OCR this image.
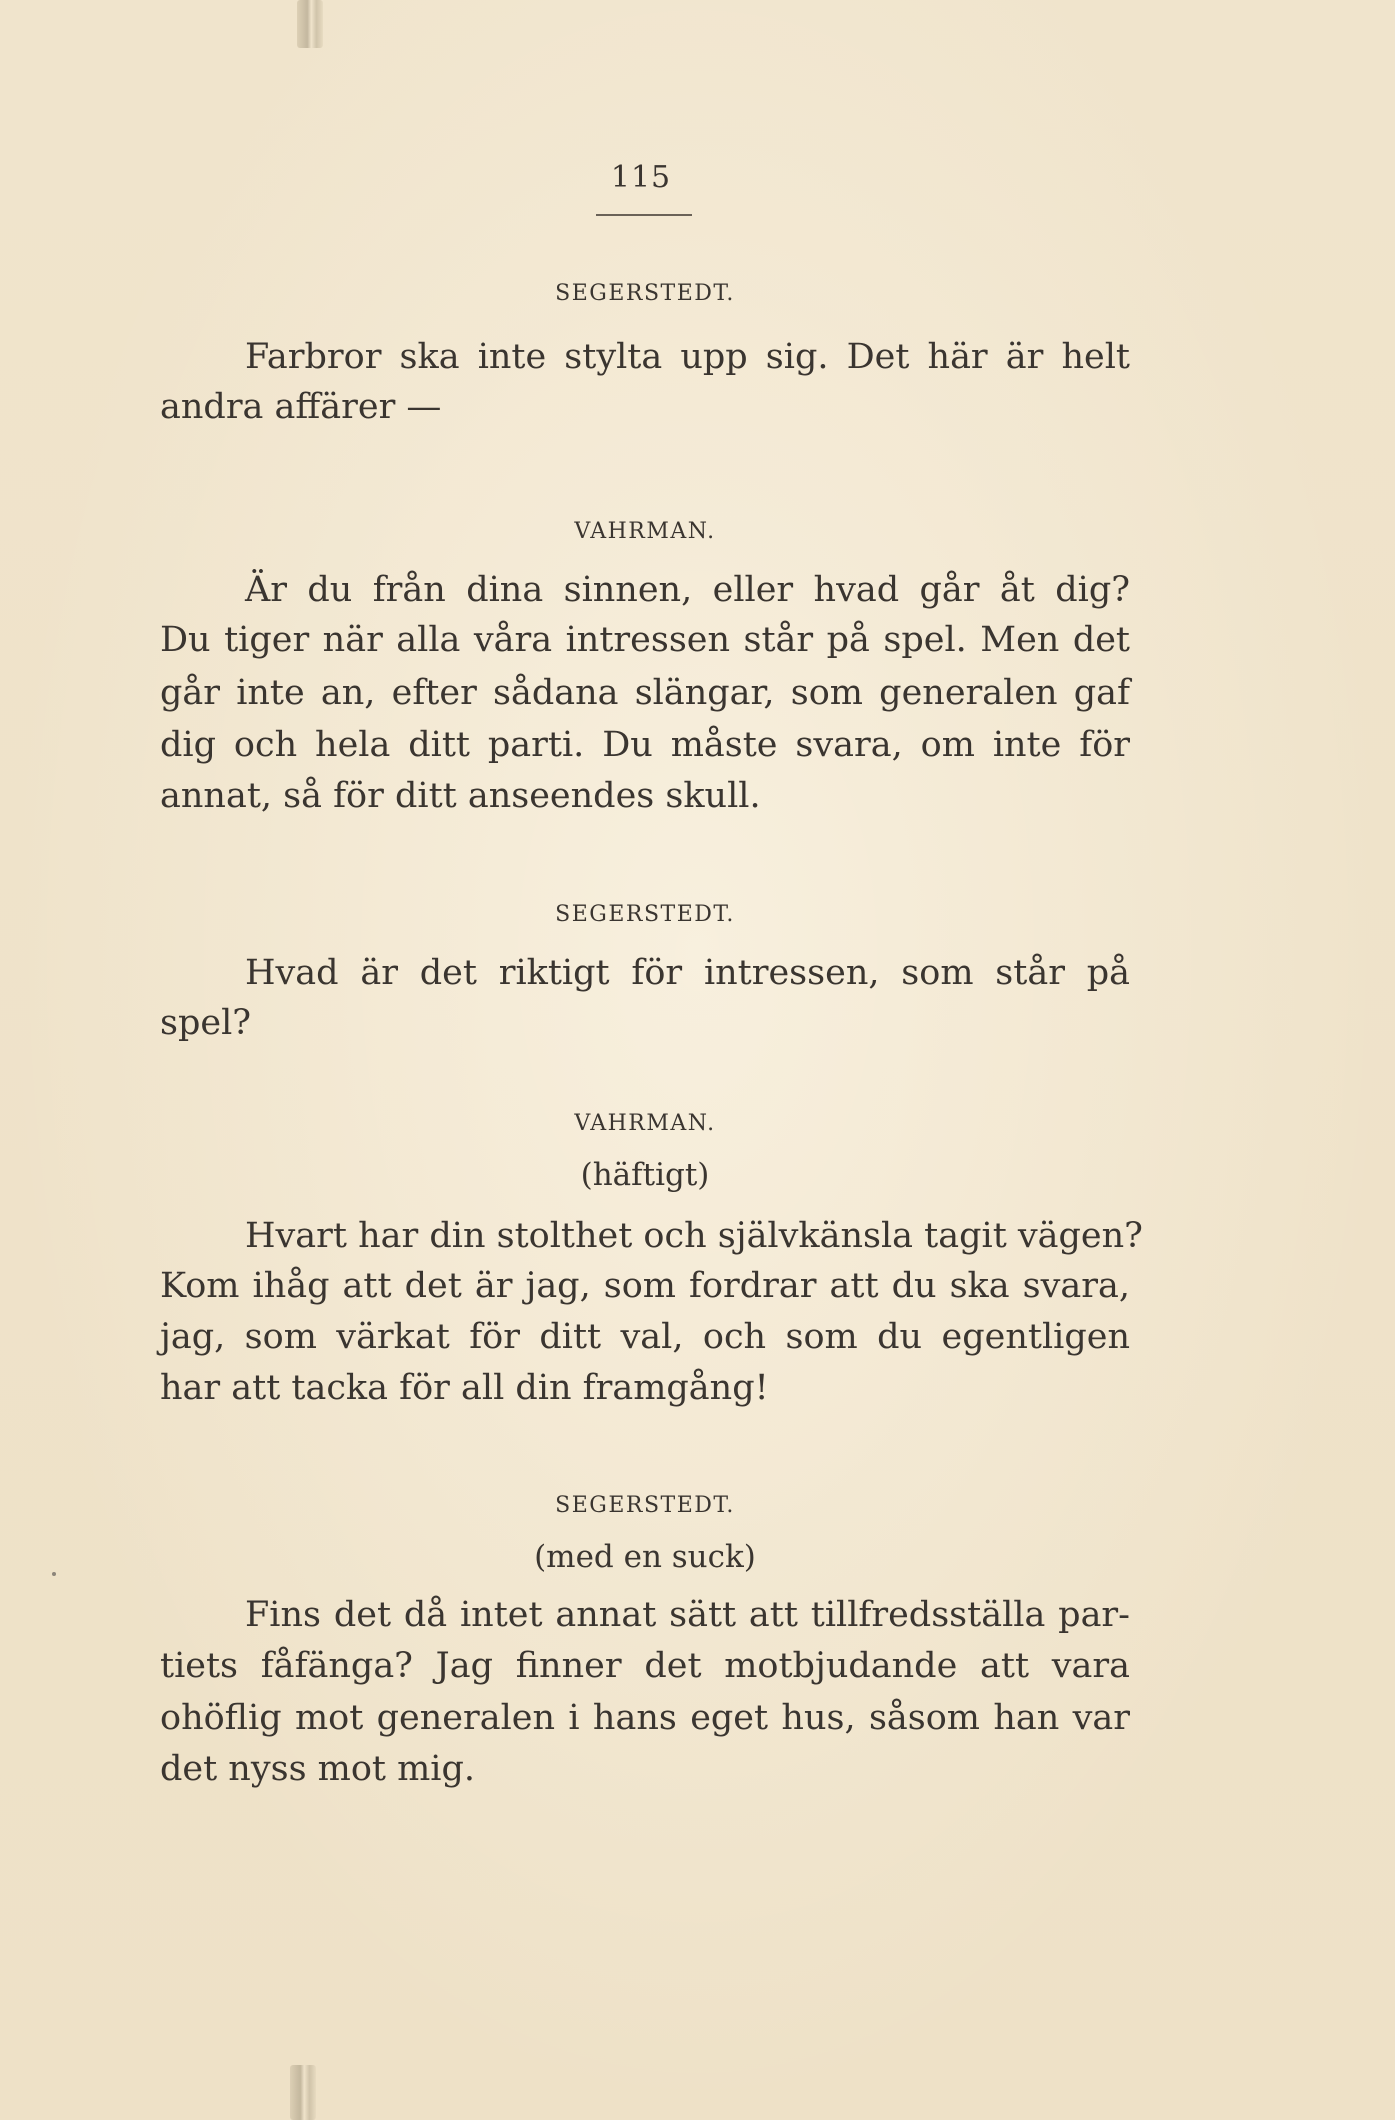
115
SEGERSTEDT.
Farbror ska inte stylta upp sig. Det här är helt
andra affärer —
VAHRMAN.
Är du från dina sinnen, eller hvad går åt dig?
Du tiger när alla våra intressen står på spel. Men det
går inte an, efter sådana slängar, som generalen gaf
dig och hela ditt parti. Du måste svara, om inte för
annat, så för ditt anseendes skull.
SEGERSTEDT.
Hvad är det riktigt för intressen, som står på
spel?
VAHRMAN.
(häftigt)
Hvart har din stolthet och självkänsla tagit vägen?
Kom ihåg att det är jag, som fordrar att du ska svara,
jag, som värkat för ditt val, och som du egentligen
har att tacka för all din framgång!
SEGERSTEDT.
(med en suck)
Fins det då intet annat sätt att tillfredsställa par-
tiets fåfänga? Jag finner det motbjudande att vara
ohöflig mot generalen i hans eget hus, såsom han var
det nyss mot mig.
